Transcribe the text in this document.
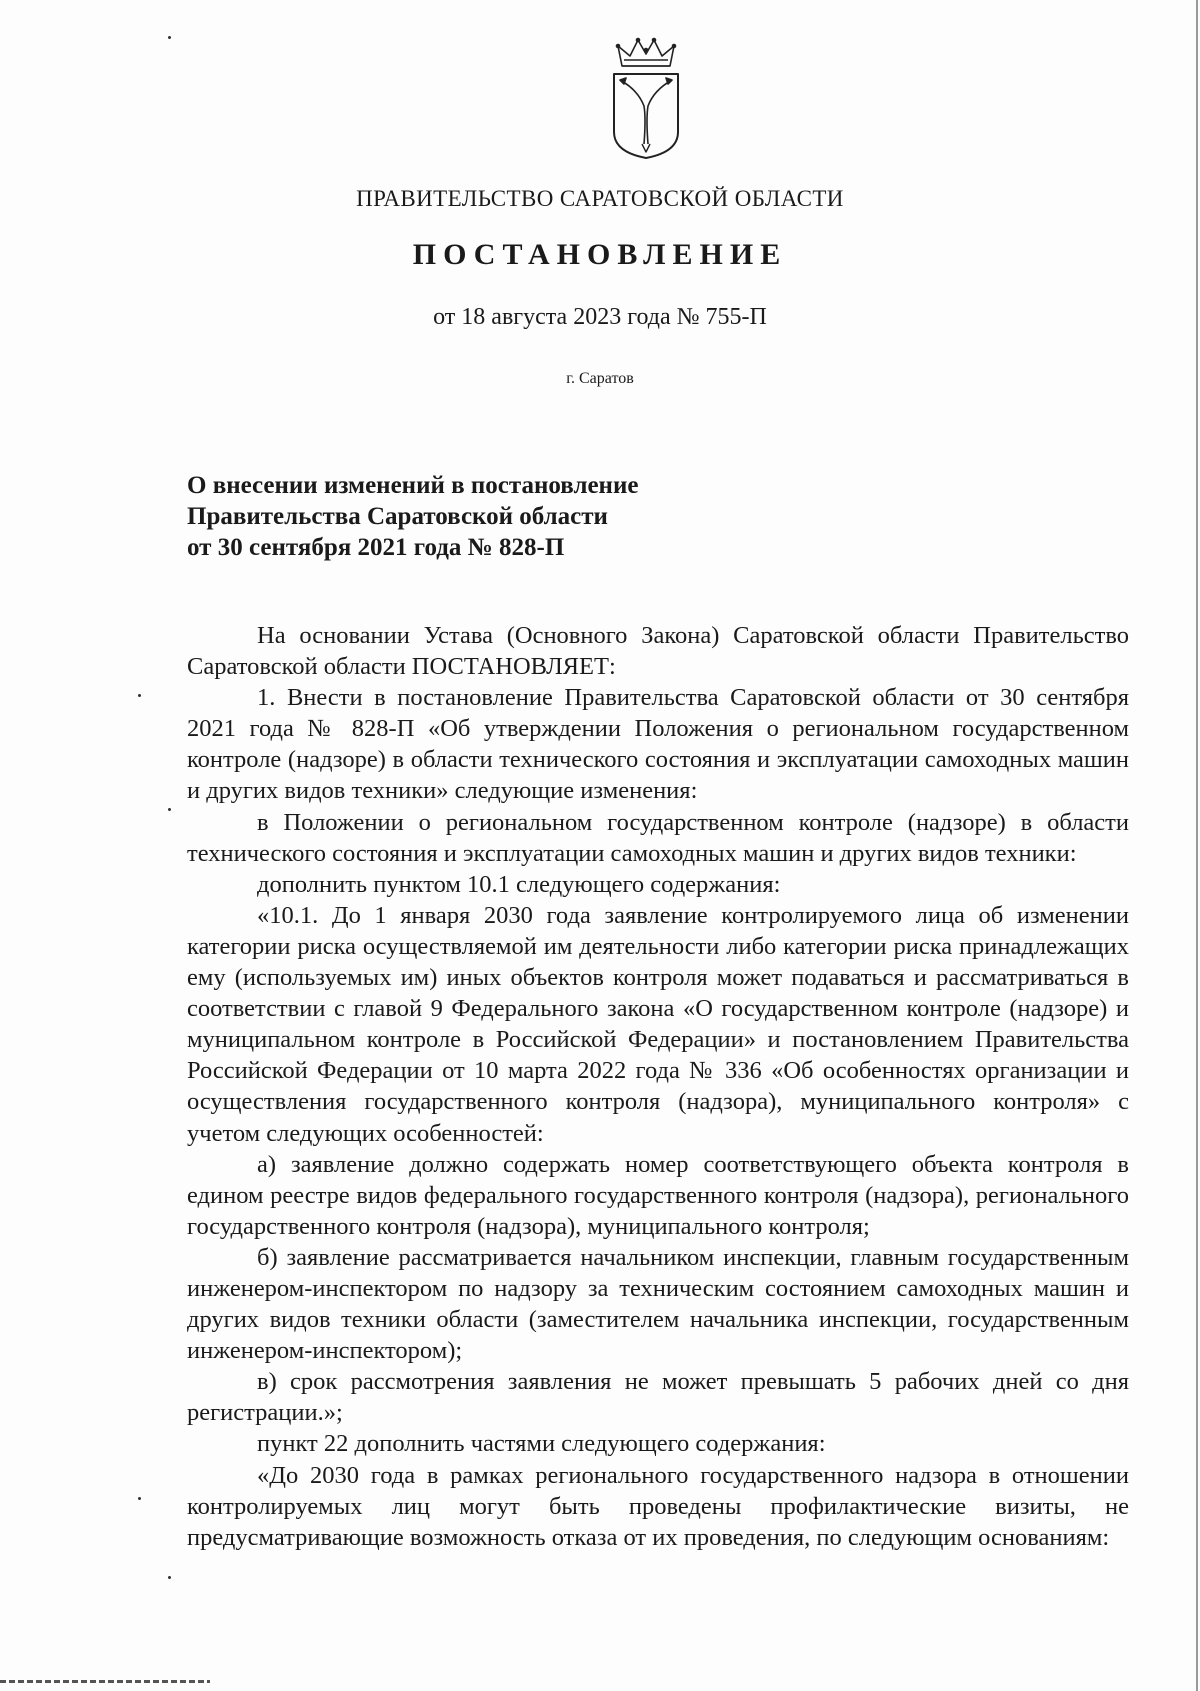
ПРАВИТЕЛЬСТВО САРАТОВСКОЙ ОБЛАСТИ
ПОСТАНОВЛЕНИЕ
от 18 августа 2023 года № 755-П
г. Саратов
О внесении изменений в постановление
Правительства Саратовской области
от 30 сентября 2021 года № 828-П

На основании Устава (Основного Закона) Саратовской области Правительство Саратовской области ПОСТАНОВЛЯЕТ:

1. Внести в постановление Правительства Саратовской области от 30 сентября 2021 года № 828-П «Об утверждении Положения о региональном государственном контроле (надзоре) в области технического состояния и эксплуатации самоходных машин и других видов техники» следующие изменения:

в Положении о региональном государственном контроле (надзоре) в области технического состояния и эксплуатации самоходных машин и других видов техники:

дополнить пунктом 10.1 следующего содержания:

«10.1. До 1 января 2030 года заявление контролируемого лица об изменении категории риска осуществляемой им деятельности либо категории риска принадлежащих ему (используемых им) иных объектов контроля может подаваться и рассматриваться в соответствии с главой 9 Федерального закона «О государственном контроле (надзоре) и муниципальном контроле в Российской Федерации» и постановлением Правительства Российской Федерации от 10 марта 2022 года № 336 «Об особенностях организации и осуществления государственного контроля (надзора), муниципального контроля» с учетом следующих особенностей:

а) заявление должно содержать номер соответствующего объекта контроля в едином реестре видов федерального государственного контроля (надзора), регионального государственного контроля (надзора), муниципального контроля;

б) заявление рассматривается начальником инспекции, главным государственным инженером-инспектором по надзору за техническим состоянием самоходных машин и других видов техники области (заместителем начальника инспекции, государственным инженером-инспектором);

в) срок рассмотрения заявления не может превышать 5 рабочих дней со дня регистрации.»;

пункт 22 дополнить частями следующего содержания:

«До 2030 года в рамках регионального государственного надзора в отношении контролируемых лиц могут быть проведены профилактические визиты, не предусматривающие возможность отказа от их проведения, по следующим основаниям:
